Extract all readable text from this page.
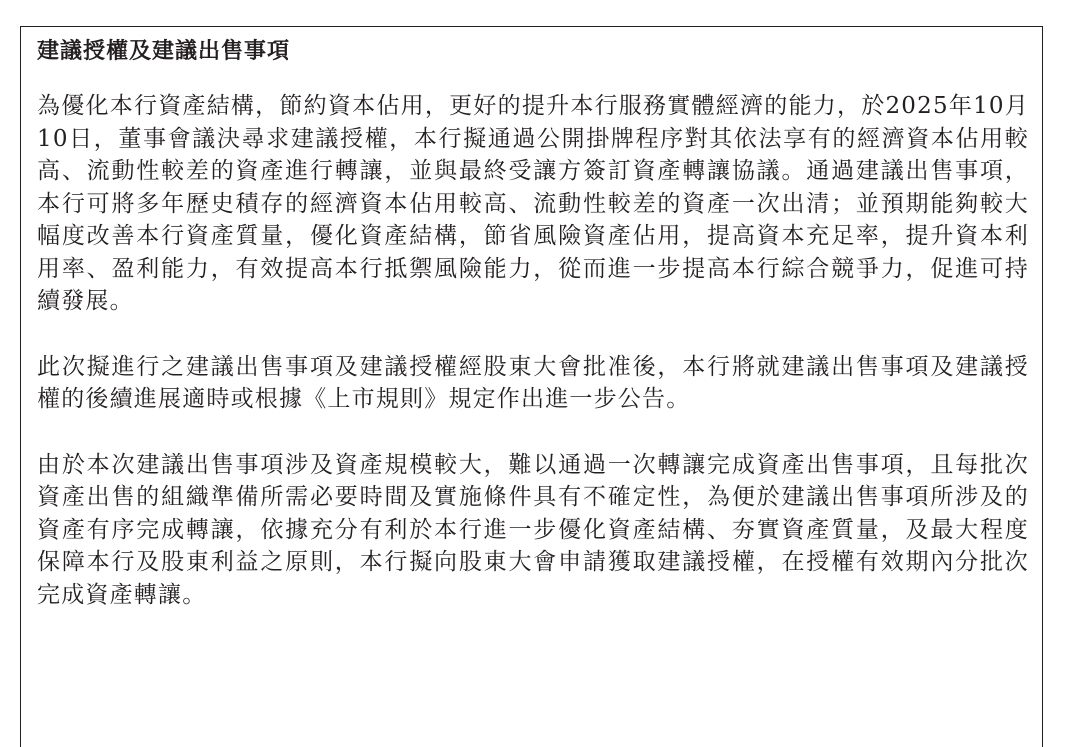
建議授權及建議出售事項

為優化本行資產結構，節約資本佔用，更好的提升本行服務實體經濟的能力，於2025年10月10日，董事會議決尋求建議授權，本行擬通過公開掛牌程序對其依法享有的經濟資本佔用較高、流動性較差的資產進行轉讓，並與最終受讓方簽訂資產轉讓協議。通過建議出售事項，本行可將多年歷史積存的經濟資本佔用較高、流動性較差的資產一次出清；並預期能夠較大幅度改善本行資產質量，優化資產結構，節省風險資產佔用，提高資本充足率，提升資本利用率、盈利能力，有效提高本行抵禦風險能力，從而進一步提高本行綜合競爭力，促進可持續發展。

此次擬進行之建議出售事項及建議授權經股東大會批准後，本行將就建議出售事項及建議授權的後續進展適時或根據《上市規則》規定作出進一步公告。

由於本次建議出售事項涉及資產規模較大，難以通過一次轉讓完成資產出售事項，且每批次資產出售的組織準備所需必要時間及實施條件具有不確定性，為便於建議出售事項所涉及的資產有序完成轉讓，依據充分有利於本行進一步優化資產結構、夯實資產質量，及最大程度保障本行及股東利益之原則，本行擬向股東大會申請獲取建議授權，在授權有效期內分批次完成資產轉讓。
